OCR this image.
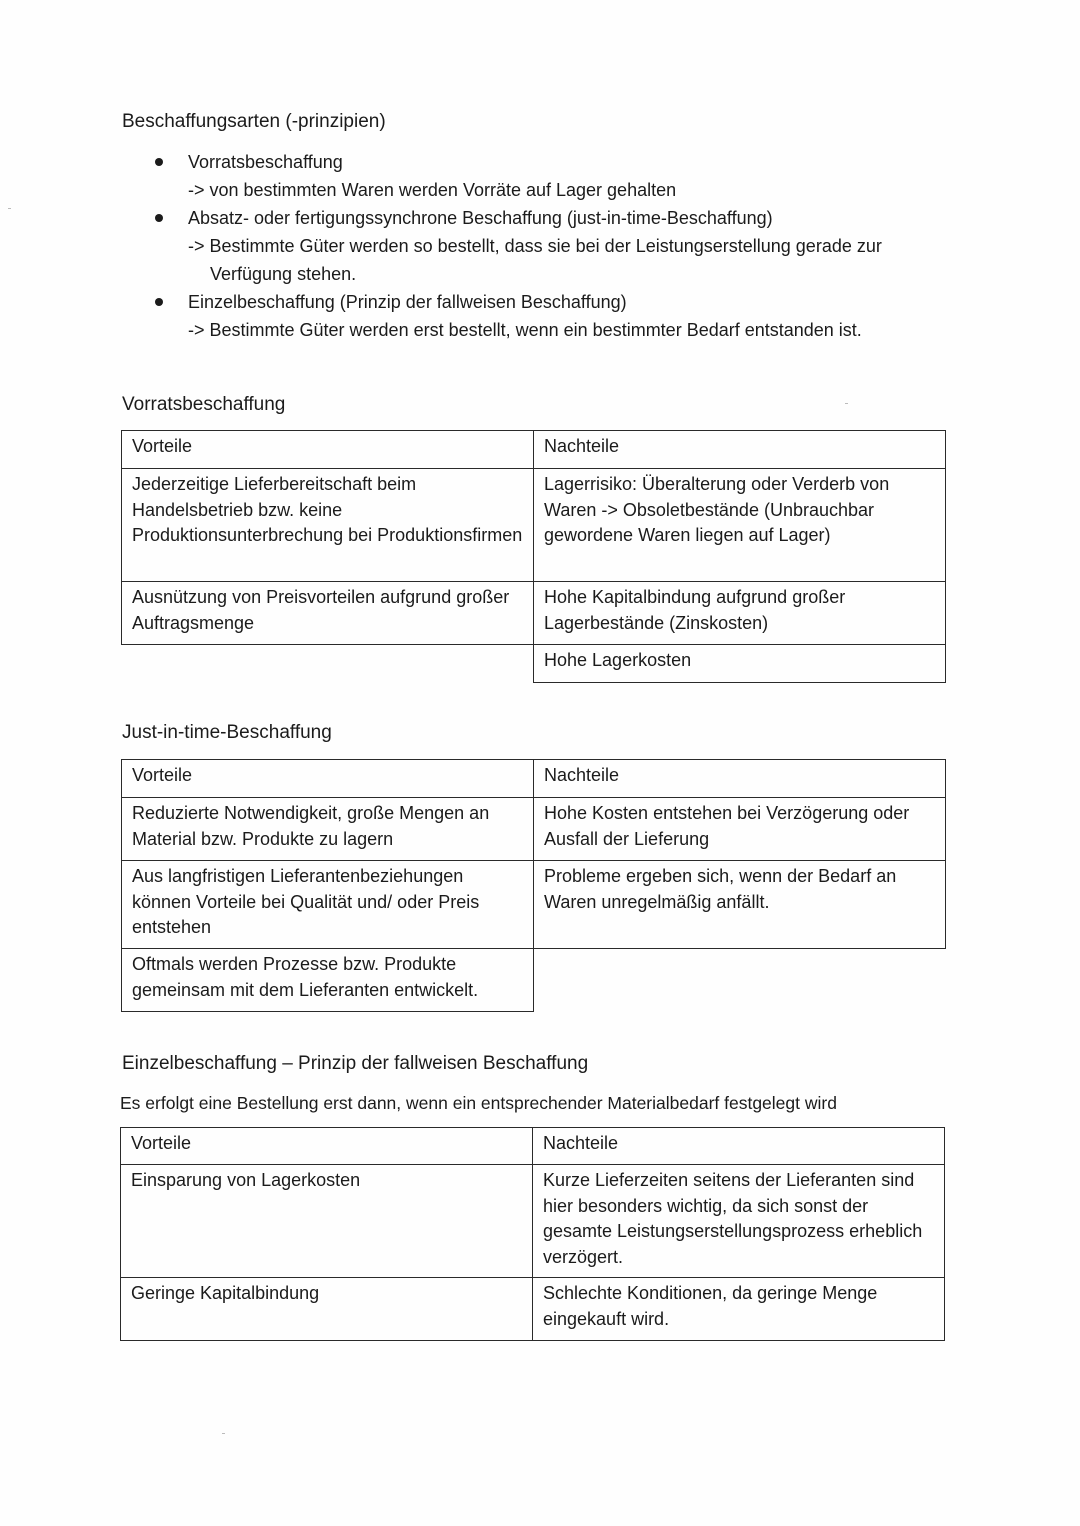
Beschaffungsarten (-prinzipien)
Vorratsbeschaffung
-> von bestimmten Waren werden Vorräte auf Lager gehalten
Absatz- oder fertigungssynchrone Beschaffung (just-in-time-Beschaffung)
-> Bestimmte Güter werden so bestellt, dass sie bei der Leistungserstellung gerade zur Verfügung stehen.
Einzelbeschaffung (Prinzip der fallweisen Beschaffung)
-> Bestimmte Güter werden erst bestellt, wenn ein bestimmter Bedarf entstanden ist.
Vorratsbeschaffung
Vorteile	Nachteile
Jederzeitige Lieferbereitschaft beim Handelsbetrieb bzw. keine Produktionsunterbrechung bei Produktionsfirmen	Lagerrisiko: Überalterung oder Verderb von Waren -> Obsoletbestände (Unbrauchbar gewordene Waren liegen auf Lager)
Ausnützung von Preisvorteilen aufgrund großer Auftragsmenge	Hohe Kapitalbindung aufgrund großer Lagerbestände (Zinskosten)
	Hohe Lagerkosten
Just-in-time-Beschaffung
Vorteile	Nachteile
Reduzierte Notwendigkeit, große Mengen an Material bzw. Produkte zu lagern	Hohe Kosten entstehen bei Verzögerung oder Ausfall der Lieferung
Aus langfristigen Lieferantenbeziehungen können Vorteile bei Qualität und/ oder Preis entstehen	Probleme ergeben sich, wenn der Bedarf an Waren unregelmäßig anfällt.
Oftmals werden Prozesse bzw. Produkte gemeinsam mit dem Lieferanten entwickelt.	
Einzelbeschaffung – Prinzip der fallweisen Beschaffung
Es erfolgt eine Bestellung erst dann, wenn ein entsprechender Materialbedarf festgelegt wird
Vorteile	Nachteile
Einsparung von Lagerkosten	Kurze Lieferzeiten seitens der Lieferanten sind hier besonders wichtig, da sich sonst der gesamte Leistungserstellungsprozess erheblich verzögert.
Geringe Kapitalbindung	Schlechte Konditionen, da geringe Menge eingekauft wird.
